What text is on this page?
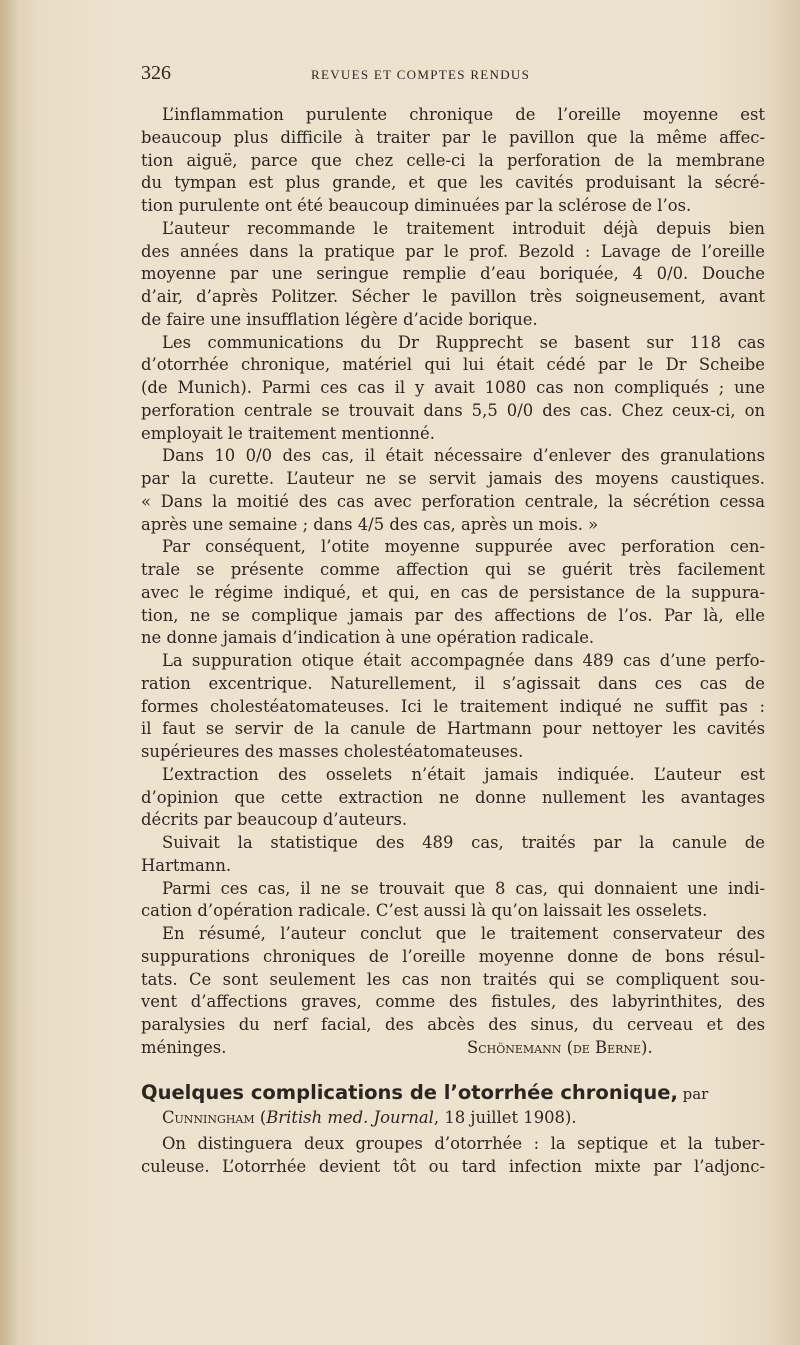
326	REVUES ET COMPTES RENDUS
L’inflammation purulente chronique de l’oreille moyenne est
beaucoup plus difficile à traiter par le pavillon que la même affec-
tion aiguë, parce que chez celle-ci la perforation de la membrane
du tympan est plus grande, et que les cavités produisant la sécré-
tion purulente ont été beaucoup diminuées par la sclérose de l’os.
L’auteur recommande le traitement introduit déjà depuis bien
des années dans la pratique par le prof. Bezold : Lavage de l’oreille
moyenne par une seringue remplie d’eau boriquée, 4 0/0. Douche
d’air, d’après Politzer. Sécher le pavillon très soigneusement, avant
de faire une insufflation légère d’acide borique.
Les communications du Dr Rupprecht se basent sur 118 cas
d’otorrhée chronique, matériel qui lui était cédé par le Dr Scheibe
(de Munich). Parmi ces cas il y avait 1080 cas non compliqués ; une
perforation centrale se trouvait dans 5,5 0/0 des cas. Chez ceux-ci, on
employait le traitement mentionné.
Dans 10 0/0 des cas, il était nécessaire d’enlever des granulations
par la curette. L’auteur ne se servit jamais des moyens caustiques.
« Dans la moitié des cas avec perforation centrale, la sécrétion cessa
après une semaine ; dans 4/5 des cas, après un mois. »
Par conséquent, l’otite moyenne suppurée avec perforation cen-
trale se présente comme affection qui se guérit très facilement
avec le régime indiqué, et qui, en cas de persistance de la suppura-
tion, ne se complique jamais par des affections de l’os. Par là, elle
ne donne jamais d’indication à une opération radicale.
La suppuration otique était accompagnée dans 489 cas d’une perfo-
ration excentrique. Naturellement, il s’agissait dans ces cas de
formes cholestéatomateuses. Ici le traitement indiqué ne suffit pas :
il faut se servir de la canule de Hartmann pour nettoyer les cavités
supérieures des masses cholestéatomateuses.
L’extraction des osselets n’était jamais indiquée. L’auteur est
d’opinion que cette extraction ne donne nullement les avantages
décrits par beaucoup d’auteurs.
Suivait la statistique des 489 cas, traités par la canule de
Hartmann.
Parmi ces cas, il ne se trouvait que 8 cas, qui donnaient une indi-
cation d’opération radicale. C’est aussi là qu’on laissait les osselets.
En résumé, l’auteur conclut que le traitement conservateur des
suppurations chroniques de l’oreille moyenne donne de bons résul-
tats. Ce sont seulement les cas non traités qui se compliquent sou-
vent d’affections graves, comme des fistules, des labyrinthites, des
paralysies du nerf facial, des abcès des sinus, du cerveau et des
méninges.	Schönemann (de Berne).
Quelques complications de l’otorrhée chronique, par
Cunningham (British med. Journal, 18 juillet 1908).
On distinguera deux groupes d’otorrhée : la septique et la tuber-
culeuse. L’otorrhée devient tôt ou tard infection mixte par l’adjonc-
